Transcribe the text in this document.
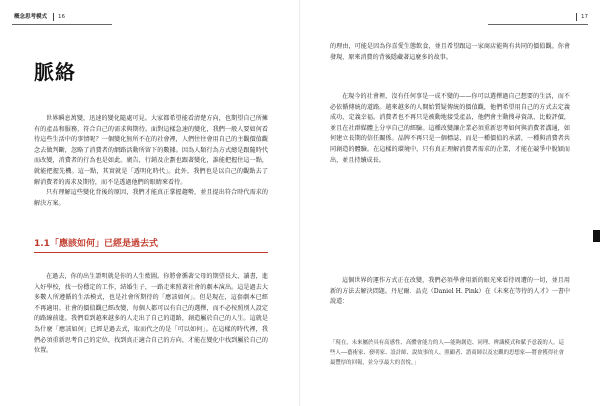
概念思考模式	16
脈絡

世界瞬息萬變，迅速的變化隨處可見。大家都希望能看清楚方向，也期望自己所擁有的產品和服務，符合自己的需求與期待。面對這樣急速的變化，我們一般人要如何看待這些生活中的事情呢？一個變化無所不在的社會裡，人們往往會用自己的主觀價值觀念去做判斷，忽略了消費者的網路活動所留下的數據。因為人類行為方式總是跟隨時代而改變，消費者的行為也是如此。廣告，行銷及企劃也跟著變化，誰能把握住這一點，就能把握先機。這一點，其實就是「透明化時代」。此外，我們也是以自己的觀點去了解消費者的需求及期待，而不是透過他們的眼睛來看待。

只有理解這些變化背後的原因，我們才能真正掌握趨勢，並且提出符合時代需求的解決方案。

1.1「應該如何」已經是過去式

在過去，你的出生證明就是你的人生藍圖。你將會循著父母的期望長大、讀書，進入好學校，找一份穩定的工作，結婚生子，一路走來照著社會的劇本演出。這是過去大多數人所遵循的生活模式，也是社會所期待的「應該如何」。但是現在，這套劇本已經不再適用。社會的價值觀已經改變，每個人都可以有自己的選擇，而不必按照別人設定的路線前進。我們看到越來越多的人走出了自己的道路，創造屬於自己的人生。這就是為什麼「應該如何」已經是過去式，取而代之的是「可以如何」。在這樣的時代裡，我們必須重新思考自己的定位，找到真正適合自己的方向，才能在變化中找到屬於自己的位置。

17

的理由，可能是因為你喜愛生態飲食，並且希望跟這一家商店能夠有共同的價值觀。你會發現，原來消費的背後隱藏著這麼多的故事。

在現今的社會裡，沒有任何事是一成不變的——你可以選擇過自己想要的生活，而不必依循傳統的道路。越來越多的人開始質疑傳統的價值觀，他們希望用自己的方式去定義成功、定義幸福。消費者也不再只是被動地接受產品，他們會主動搜尋資訊、比較評價，並且在社群媒體上分享自己的經驗。這種改變讓企業必須重新思考如何與消費者溝通，如何建立長期的信任關係。品牌不再只是一個標誌，而是一種價值的承諾，一種與消費者共同創造的體驗。在這樣的環境中，只有真正理解消費者需求的企業，才能在競爭中脫穎而出，並且持續成長。

這個世界的運作方式正在改變，我們必須學會用新的眼光來看待周遭的一切，並且用新的方法去解決問題。丹尼爾．品克（Daniel H. Pink）在《未來在等待的人才》一書中說道：

「現在，未來屬於具有高感性、高體會能力的人——能夠創造、同理、辨識模式和賦予意義的人。這些人——藝術家、發明家、設計師、說故事的人、照顧者、諮商師以及宏觀的思想家——將會獲得社會最豐厚的回報，並分享最大的喜悅。」
